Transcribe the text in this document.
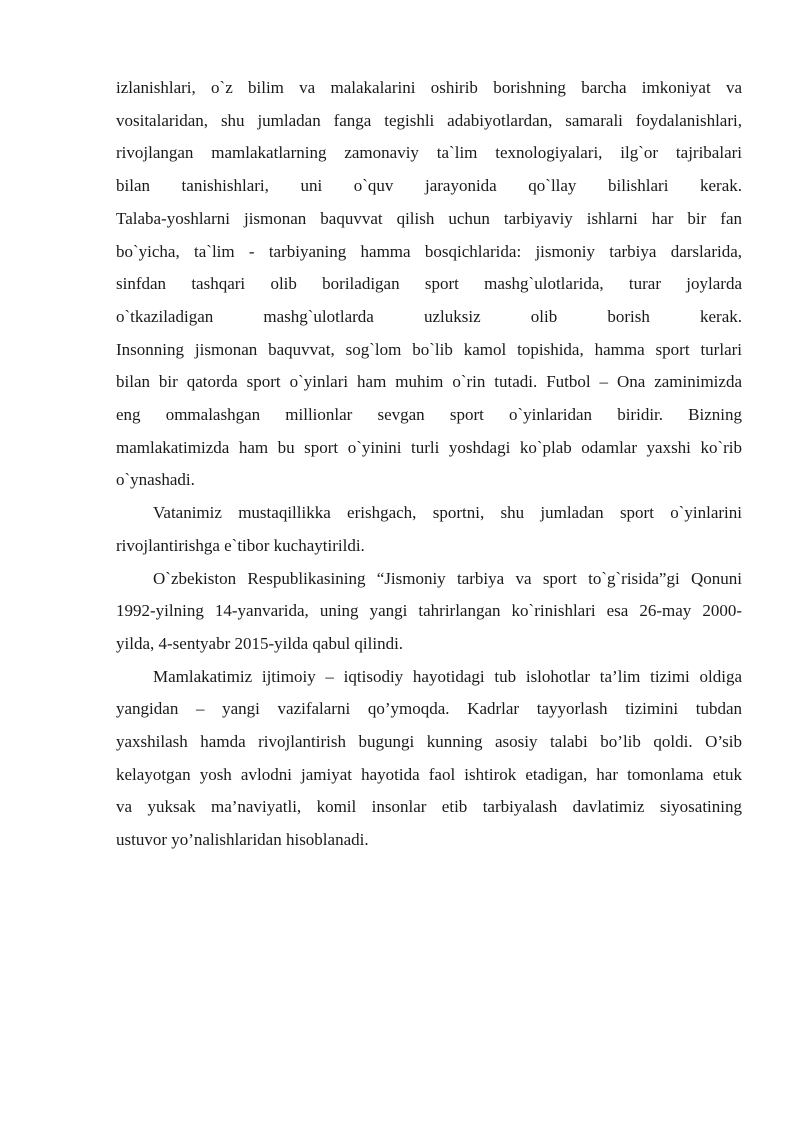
izlanishlari, o`z bilim va malakalarini oshirib borishning barcha imkoniyat va
vositalaridan, shu jumladan fanga tegishli adabiyotlardan, samarali foydalanishlari,
rivojlangan mamlakatlarning zamonaviy ta`lim texnologiyalari, ilg`or tajribalari
bilan tanishishlari, uni o`quv jarayonida qo`llay bilishlari kerak.
Talaba-yoshlarni jismonan baquvvat qilish uchun tarbiyaviy ishlarni har bir fan
bo`yicha, ta`lim - tarbiyaning hamma bosqichlarida: jismoniy tarbiya darslarida,
sinfdan tashqari olib boriladigan sport mashg`ulotlarida, turar joylarda
o`tkaziladigan mashg`ulotlarda uzluksiz olib borish kerak.
Insonning jismonan baquvvat, sog`lom bo`lib kamol topishida, hamma sport turlari
bilan bir qatorda sport o`yinlari ham muhim o`rin tutadi. Futbol – Ona zaminimizda
eng ommalashgan millionlar sevgan sport o`yinlaridan biridir. Bizning
mamlakatimizda ham bu sport o`yinini turli yoshdagi ko`plab odamlar yaxshi ko`rib
o`ynashadi.
Vatanimiz mustaqillikka erishgach, sportni, shu jumladan sport o`yinlarini
rivojlantirishga e`tibor kuchaytirildi.
O`zbekiston Respublikasining “Jismoniy tarbiya va sport to`g`risida”gi Qonuni
1992-yilning 14-yanvarida, uning yangi tahrirlangan ko`rinishlari esa 26-may 2000-
yilda, 4-sentyabr 2015-yilda qabul qilindi.
Mamlakatimiz ijtimoiy – iqtisodiy hayotidagi tub islohotlar ta’lim tizimi oldiga
yangidan – yangi vazifalarni qo’ymoqda. Kadrlar tayyorlash tizimini tubdan
yaxshilash hamda rivojlantirish bugungi kunning asosiy talabi bo’lib qoldi. O’sib
kelayotgan yosh avlodni jamiyat hayotida faol ishtirok etadigan, har tomonlama etuk
va yuksak ma’naviyatli, komil insonlar etib tarbiyalash davlatimiz siyosatining
ustuvor yo’nalishlaridan hisoblanadi.
